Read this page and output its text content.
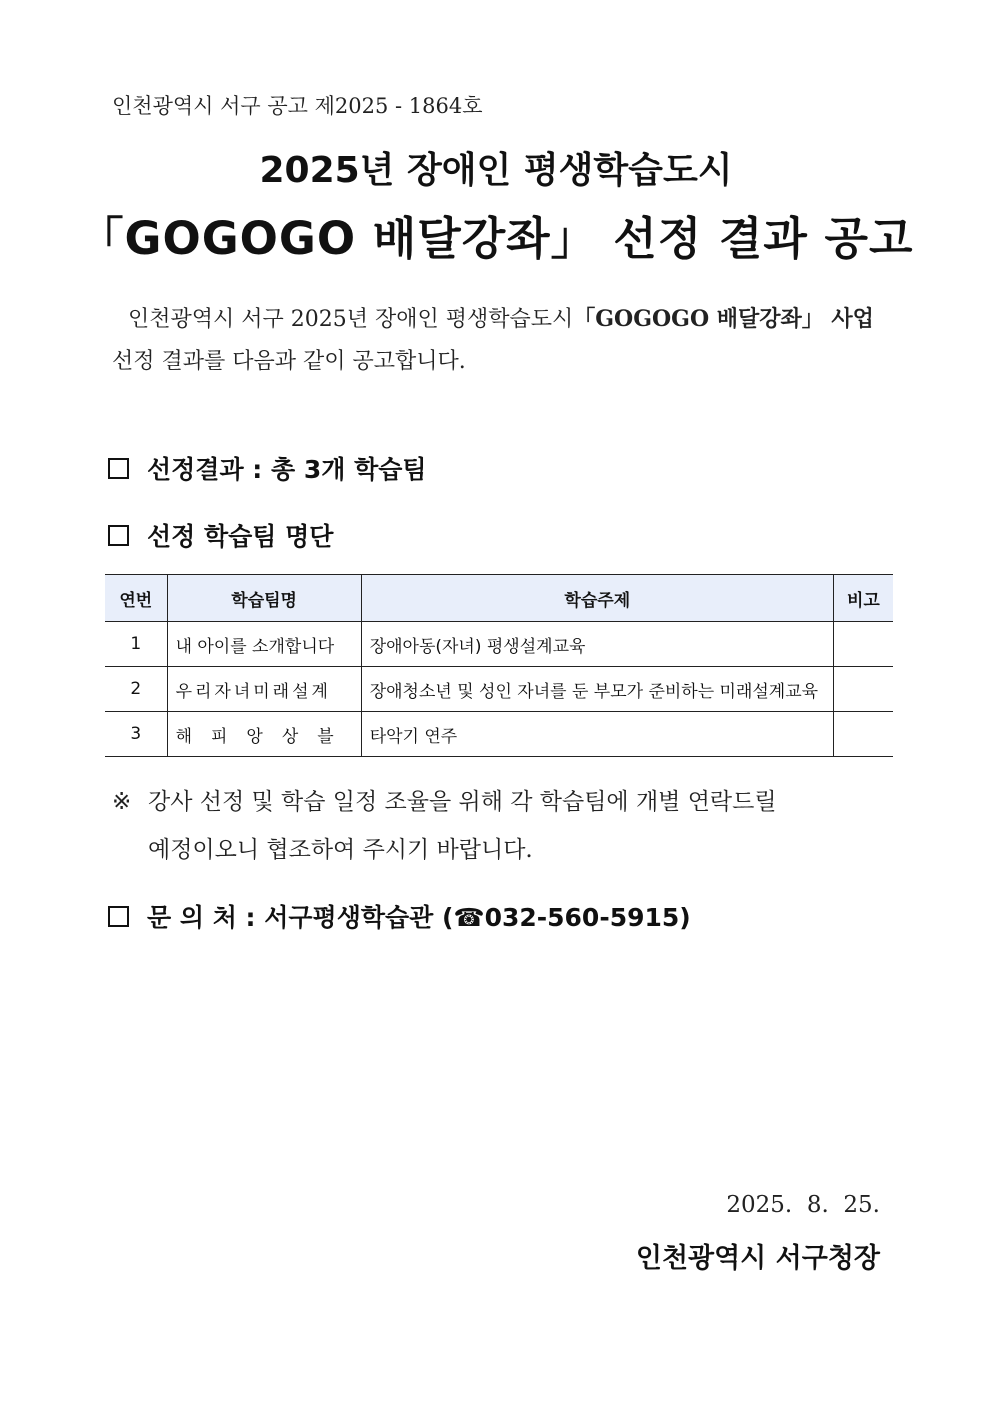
인천광역시 서구 공고 제2025 - 1864호
2025년 장애인 평생학습도시
「GOGOGO 배달강좌」 선정 결과 공고

인천광역시 서구 2025년 장애인 평생학습도시「GOGOGO 배달강좌」 사업

선정 결과를 다음과 같이 공고합니다.

선정결과 : 총 3개 학습팀
선정 학습팀 명단
연번	학습팀명	학습주제	비고
1	내 아이를 소개합니다	장애아동(자녀) 평생설계교육	
2	우리자녀미래설계	장애청소년 및 성인 자녀를 둔 부모가 준비하는 미래설계교육	
3	해피앙상블	타악기 연주	
※ 강사 선정 및 학습 일정 조율을 위해 각 학습팀에 개별 연락드릴
예정이오니 협조하여 주시기 바랍니다.
문 의 처 : 서구평생학습관 (☎032-560-5915)
2025.  8.  25.
인천광역시 서구청장
